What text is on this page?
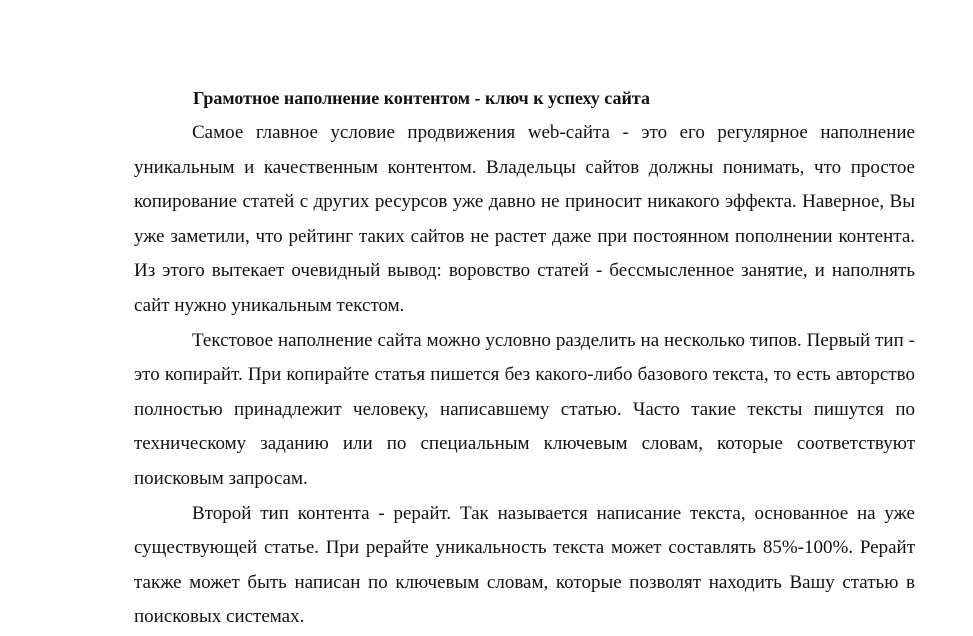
Грамотное наполнение контентом - ключ к успеху сайта

Самое главное условие продвижения web-сайта - это его регулярное наполнение уникальным и качественным контентом. Владельцы сайтов должны понимать, что простое копирование статей с других ресурсов уже давно не приносит никакого эффекта. Наверное, Вы уже заметили, что рейтинг таких сайтов не растет даже при постоянном пополнении контента. Из этого вытекает очевидный вывод: воровство статей - бессмысленное занятие, и наполнять сайт нужно уникальным текстом.

Текстовое наполнение сайта можно условно разделить на несколько типов. Первый тип - это копирайт. При копирайте статья пишется без какого-либо базового текста, то есть авторство полностью принадлежит человеку, написавшему статью. Часто такие тексты пишутся по техническому заданию или по специальным ключевым словам, которые соответствуют поисковым запросам.

Второй тип контента - рерайт. Так называется написание текста, основанное на уже существующей статье. При рерайте уникальность текста может составлять 85%-100%. Рерайт также может быть написан по ключевым словам, которые позволят находить Вашу статью в поисковых системах.
